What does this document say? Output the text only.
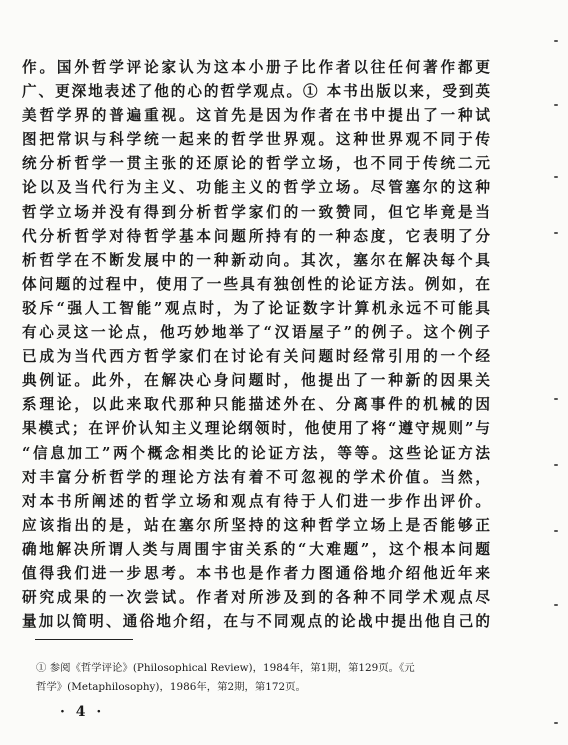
作。国外哲学评论家认为这本小册子比作者以往任何著作都更
广、更深地表述了他的心的哲学观点。① 本书出版以来，受到英
美哲学界的普遍重视。这首先是因为作者在书中提出了一种试
图把常识与科学统一起来的哲学世界观。这种世界观不同于传
统分析哲学一贯主张的还原论的哲学立场，也不同于传统二元
论以及当代行为主义、功能主义的哲学立场。尽管塞尔的这种
哲学立场并没有得到分析哲学家们的一致赞同，但它毕竟是当
代分析哲学对待哲学基本问题所持有的一种态度，它表明了分
析哲学在不断发展中的一种新动向。其次，塞尔在解决每个具
体问题的过程中，使用了一些具有独创性的论证方法。例如，在
驳斥“强人工智能”观点时，为了论证数字计算机永远不可能具
有心灵这一论点，他巧妙地举了“汉语屋子”的例子。这个例子
已成为当代西方哲学家们在讨论有关问题时经常引用的一个经
典例证。此外，在解决心身问题时，他提出了一种新的因果关
系理论，以此来取代那种只能描述外在、分离事件的机械的因
果模式；在评价认知主义理论纲领时，他使用了将“遵守规则”与
“信息加工”两个概念相类比的论证方法，等等。这些论证方法
对丰富分析哲学的理论方法有着不可忽视的学术价值。当然，
对本书所阐述的哲学立场和观点有待于人们进一步作出评价。
应该指出的是，站在塞尔所坚持的这种哲学立场上是否能够正
确地解决所谓人类与周围宇宙关系的“大难题”，这个根本问题
值得我们进一步思考。本书也是作者力图通俗地介绍他近年来
研究成果的一次尝试。作者对所涉及到的各种不同学术观点尽
量加以简明、通俗地介绍，在与不同观点的论战中提出他自己的
① 参阅《哲学评论》(Philosophical Review)，1984年，第1期，第129页。《元
哲学》(Metaphilosophy)，1986年，第2期，第172页。
· 4 ·
